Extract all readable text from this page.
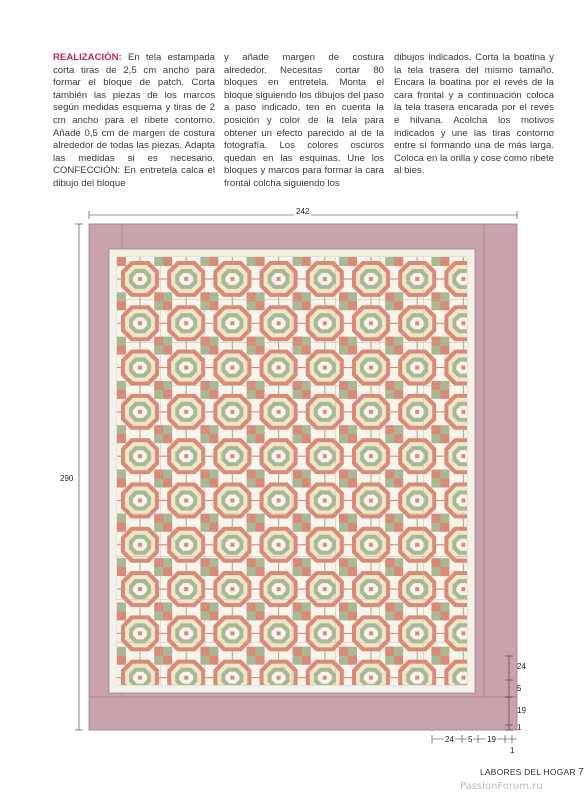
REALIZACIÓN: En tela estampada corta tiras de 2,5 cm ancho para formar el bloque de patch. Corta también las piezas de los marcos según medidas esquema y tiras de 2 cm ancho para el ribete contorno. Añade 0,5 cm de margen de costura alrededor de todas las piezas. Adapta las medidas si es necesario. CONFECCIÓN: En entretela calca el dibujo del bloque
y añade margen de costura alrededor. Necesitas cortar 80 bloques en entretela. Monta el bloque siguiendo los dibujos del paso a paso indicado, ten en cuenta la posición y color de la tela para obtener un efecto parecido al de la fotografía. Los colores oscuros quedan en las esquinas. Une los bloques y marcos para formar la cara frontal colcha siguiendo los
dibujos indicados. Corta la boatina y la tela trasera del mismo tamaño. Encara la boatina por el revés de la cara frontal y a continuación coloca la tela trasera encarada por el revés e hilvana. Acolcha los motivos indicados y une las tiras contorno entre sí formando una de más larga. Coloca en la orilla y cose como ribete al bies.
242
290
24
5
19
1
24 5 19
1
LABORES DEL HOGAR 7
PassionForum.ru
